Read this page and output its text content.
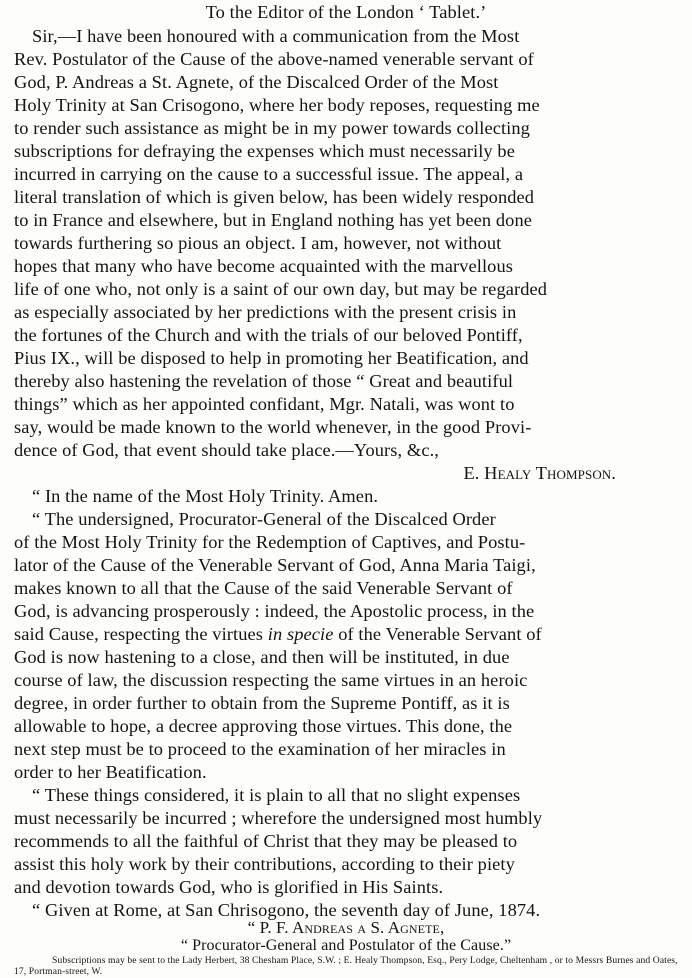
To the Editor of the London ‘ Tablet.’
Sir,—I have been honoured with a communication from the Most
Rev. Postulator of the Cause of the above-named venerable servant of
God, P. Andreas a St. Agnete, of the Discalced Order of the Most
Holy Trinity at San Crisogono, where her body reposes, requesting me
to render such assistance as might be in my power towards collecting
subscriptions for defraying the expenses which must necessarily be
incurred in carrying on the cause to a successful issue. The appeal, a
literal translation of which is given below, has been widely responded
to in France and elsewhere, but in England nothing has yet been done
towards furthering so pious an object. I am, however, not without
hopes that many who have become acquainted with the marvellous
life of one who, not only is a saint of our own day, but may be regarded
as especially associated by her predictions with the present crisis in
the fortunes of the Church and with the trials of our beloved Pontiff,
Pius IX., will be disposed to help in promoting her Beatification, and
thereby also hastening the revelation of those “ Great and beautiful
things” which as her appointed confidant, Mgr. Natali, was wont to
say, would be made known to the world whenever, in the good Provi-
dence of God, that event should take place.—Yours, &c.,
E. Healy Thompson.
“ In the name of the Most Holy Trinity. Amen.
“ The undersigned, Procurator-General of the Discalced Order
of the Most Holy Trinity for the Redemption of Captives, and Postu-
lator of the Cause of the Venerable Servant of God, Anna Maria Taigi,
makes known to all that the Cause of the said Venerable Servant of
God, is advancing prosperously : indeed, the Apostolic process, in the
said Cause, respecting the virtues in specie of the Venerable Servant of
God is now hastening to a close, and then will be instituted, in due
course of law, the discussion respecting the same virtues in an heroic
degree, in order further to obtain from the Supreme Pontiff, as it is
allowable to hope, a decree approving those virtues. This done, the
next step must be to proceed to the examination of her miracles in
order to her Beatification.
“ These things considered, it is plain to all that no slight expenses
must necessarily be incurred ; wherefore the undersigned most humbly
recommends to all the faithful of Christ that they may be pleased to
assist this holy work by their contributions, according to their piety
and devotion towards God, who is glorified in His Saints.
“ Given at Rome, at San Chrisogono, the seventh day of June, 1874.
“ P. F. Andreas a S. Agnete,
“ Procurator-General and Postulator of the Cause.”
Subscriptions may be sent to the Lady Herbert, 38 Chesham Place, S.W. ; E. Healy Thompson, Esq., Pery Lodge, Cheltenham , or to Messrs Burnes and Oates, 17, Portman-street, W.
